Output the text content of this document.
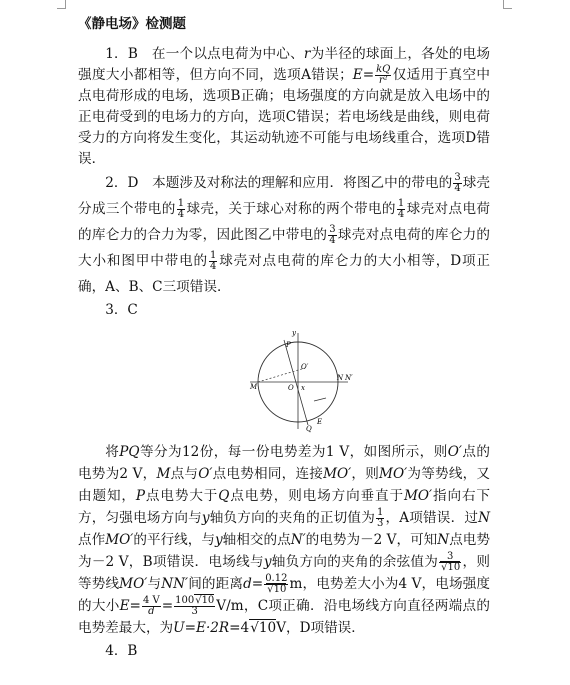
《静电场》检测题

1．B　 在一个以点电荷为中心、r为半径的球面上，各处的电场强度大小都相等，但方向不同，选项A错误；$E= \frac{kQ}{\text{r²}}$ 仅适用于真空中点电荷形成的电场，选项B正确；电场强度的方向就是放入电场中的正电荷受到的电场力的方向，选项C错误；若电场线是曲线，则电荷受力的方向将发生变化，其运动轨迹不可能与电场线重合，选项D错误．

2．D　 本题涉及对称法的理解和应用．将图乙中的带电的 $\frac{3}{4}$ 球壳分成三个带电的 $\frac{1}{4}$ 球壳，关于球心对称的两个带电的 $\frac{1}{4}$ 球壳对点电荷的库仑力的合力为零，因此图乙中带电的 $\frac{3}{4}$ 球壳对点电荷的库仑力的大小和图甲中带电的 $\frac{1}{4}$ 球壳对点电荷的库仑力的大小相等，D项正确，A、B、C三项错误．

3．C

y
P
O′
M	O x
N N′
Q
E

将PQ等分为12份，每一份电势差为1 V，如图所示，则O′点的电势为2 V，M点与O′点电势相同，连接MO′，则MO′为等势线，又由题知，P点电势大于Q点电势，则电场方向垂直于MO′指向右下方，匀强电场方向与y轴负方向的夹角的正切值为 $\frac{1}{3}$ ，A项错误．过N点作MO′的平行线，与y轴相交的点N′的电势为－2 V，可知N点电势为－2 V，B项错误．电场线与y轴负方向的夹角的余弦值为 3
√ 10 ，则等势线MO′与NN′间的距离d= 0.12
√ 10 m，电势差大小为4 V，电场强度的大小$E= \frac{4 V}{d} = \frac{100 √ 10}{3} V/m$，C项正确．沿电场线方向直径两端点的电势差最大，为U=E·2R=4 √ 10V，D项错误．

4．B
